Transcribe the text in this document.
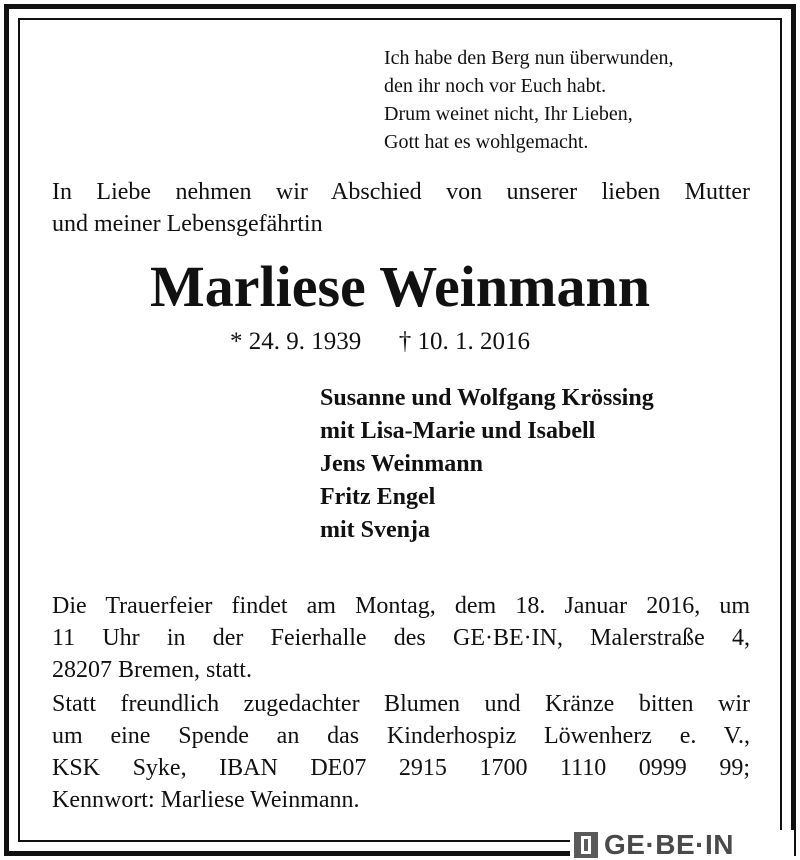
Ich habe den Berg nun überwunden,
den ihr noch vor Euch habt.
Drum weinet nicht, Ihr Lieben,
Gott hat es wohlgemacht.
In Liebe nehmen wir Abschied von unserer lieben Mutter
und meiner Lebensgefährtin
Marliese Weinmann
* 24. 9. 1939 † 10. 1. 2016
Susanne und Wolfgang Krössing
mit Lisa-Marie und Isabell
Jens Weinmann
Fritz Engel
mit Svenja
Die Trauerfeier findet am Montag, dem 18. Januar 2016, um
11 Uhr in der Feierhalle des GE·BE·IN, Malerstraße 4,
28207 Bremen, statt.
Statt freundlich zugedachter Blumen und Kränze bitten wir
um eine Spende an das Kinderhospiz Löwenherz e. V.,
KSK Syke, IBAN DE07 2915 1700 1110 0999 99;
Kennwort: Marliese Weinmann.
GE·BE·IN
